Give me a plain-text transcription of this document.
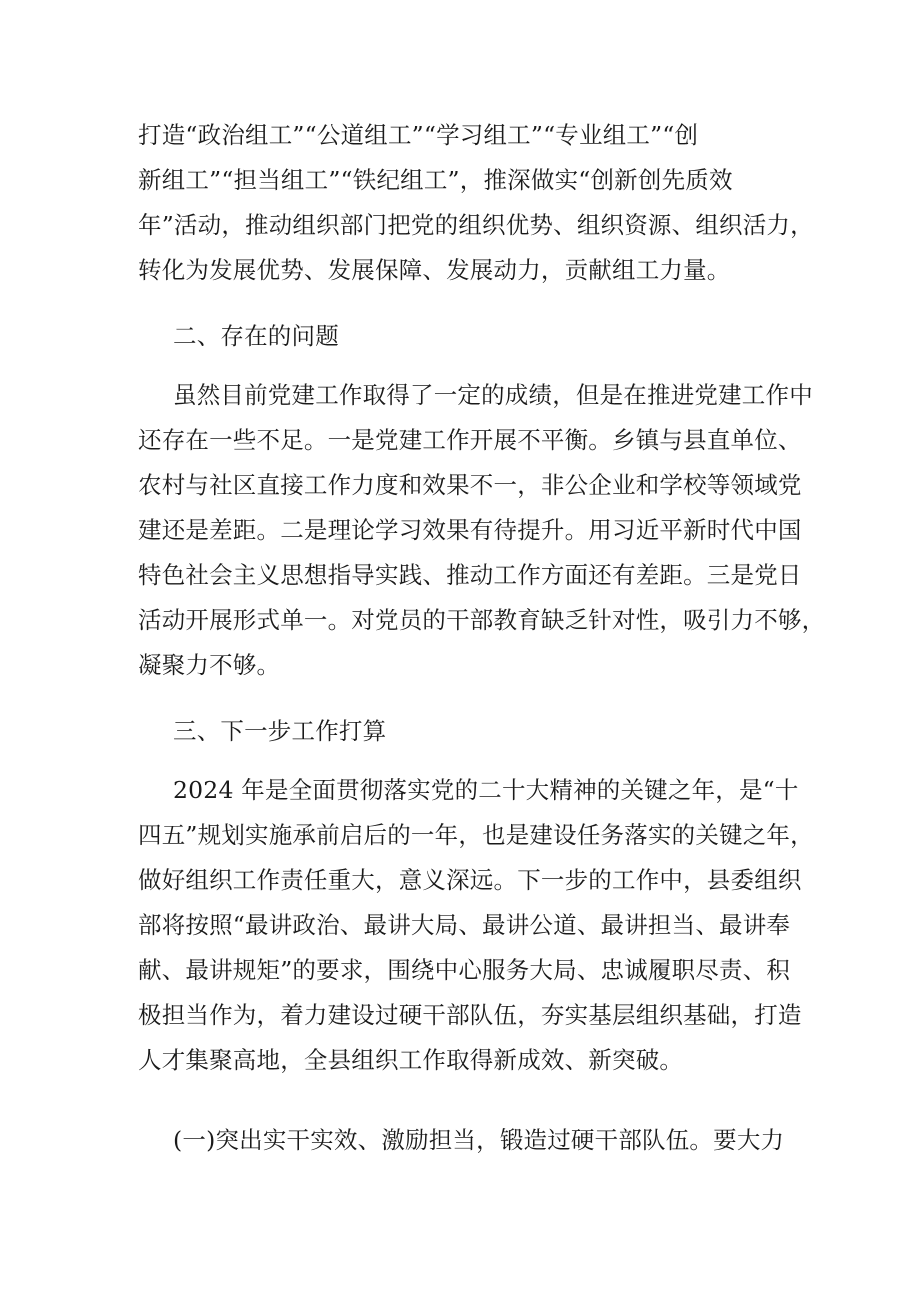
打造“政治组工”“公道组工”“学习组工”“专业组工”“创
新组工”“担当组工”“铁纪组工”，推深做实“创新创先质效
年”活动，推动组织部门把党的组织优势、组织资源、组织活力，
转化为发展优势、发展保障、发展动力，贡献组工力量。
二、存在的问题
虽然目前党建工作取得了一定的成绩，但是在推进党建工作中
还存在一些不足。一是党建工作开展不平衡。乡镇与县直单位、
农村与社区直接工作力度和效果不一，非公企业和学校等领域党
建还是差距。二是理论学习效果有待提升。用习近平新时代中国
特色社会主义思想指导实践、推动工作方面还有差距。三是党日
活动开展形式单一。对党员的干部教育缺乏针对性，吸引力不够，
凝聚力不够。
三、下一步工作打算
2024 年是全面贯彻落实党的二十大精神的关键之年，是“十
四五”规划实施承前启后的一年，也是建设任务落实的关键之年，
做好组织工作责任重大，意义深远。下一步的工作中，县委组织
部将按照“最讲政治、最讲大局、最讲公道、最讲担当、最讲奉
献、最讲规矩”的要求，围绕中心服务大局、忠诚履职尽责、积
极担当作为，着力建设过硬干部队伍，夯实基层组织基础，打造
人才集聚高地，全县组织工作取得新成效、新突破。
(一)突出实干实效、激励担当，锻造过硬干部队伍。要大力
